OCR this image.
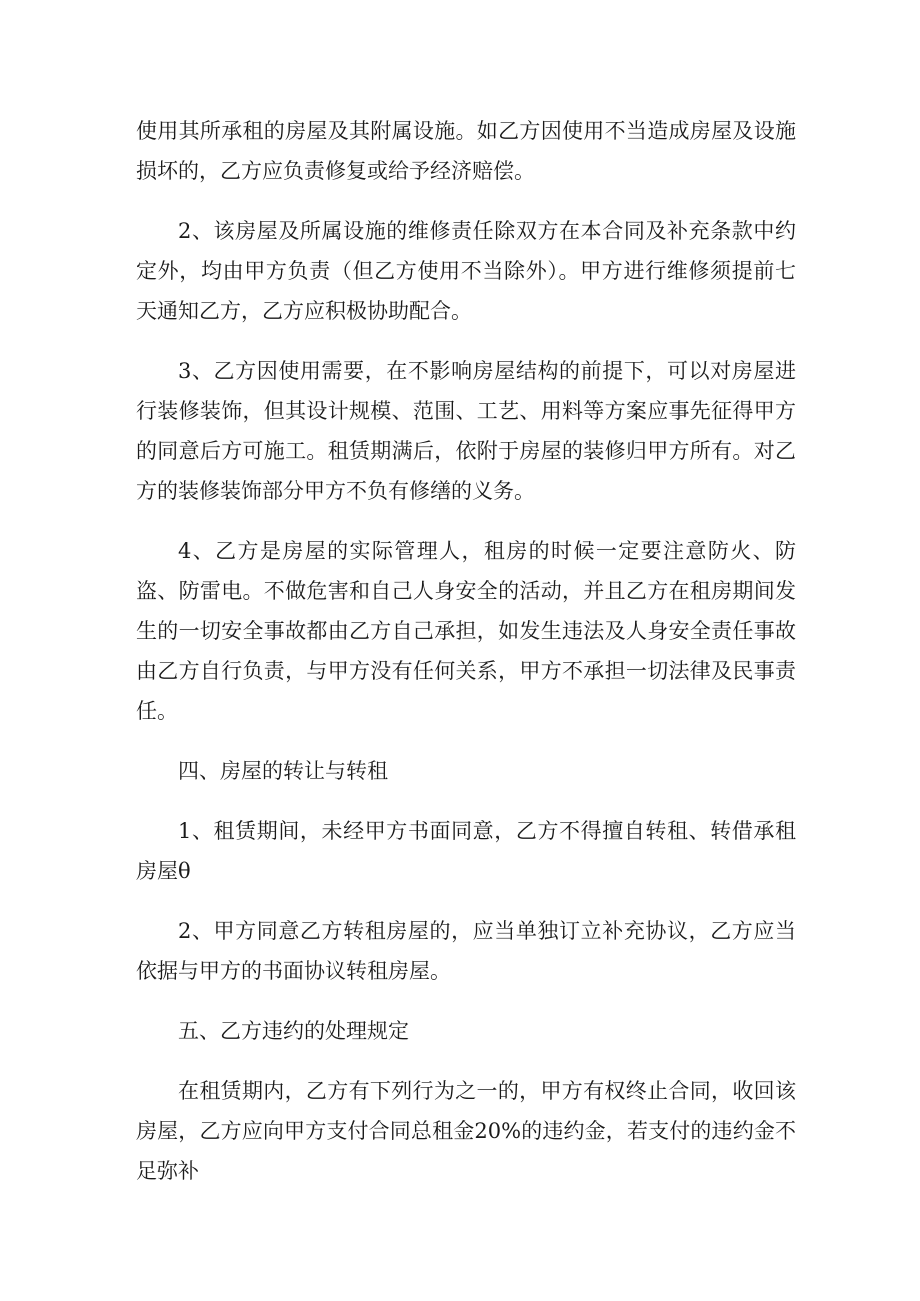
使用其所承租的房屋及其附属设施。如乙方因使用不当造成房屋及设施损坏的，乙方应负责修复或给予经济赔偿。

2、该房屋及所属设施的维修责任除双方在本合同及补充条款中约定外，均由甲方负责（但乙方使用不当除外）。甲方进行维修须提前七天通知乙方，乙方应积极协助配合。

3、乙方因使用需要，在不影响房屋结构的前提下，可以对房屋进行装修装饰，但其设计规模、范围、工艺、用料等方案应事先征得甲方的同意后方可施工。租赁期满后，依附于房屋的装修归甲方所有。对乙方的装修装饰部分甲方不负有修缮的义务。

4、乙方是房屋的实际管理人，租房的时候一定要注意防火、防盗、防雷电。不做危害和自己人身安全的活动，并且乙方在租房期间发生的一切安全事故都由乙方自己承担，如发生违法及人身安全责任事故由乙方自行负责，与甲方没有任何关系，甲方不承担一切法律及民事责任。

四、房屋的转让与转租

1、租赁期间，未经甲方书面同意，乙方不得擅自转租、转借承租房屋θ

2、甲方同意乙方转租房屋的，应当单独订立补充协议，乙方应当依据与甲方的书面协议转租房屋。

五、乙方违约的处理规定

在租赁期内，乙方有下列行为之一的，甲方有权终止合同，收回该房屋，乙方应向甲方支付合同总租金20%的违约金，若支付的违约金不足弥补
